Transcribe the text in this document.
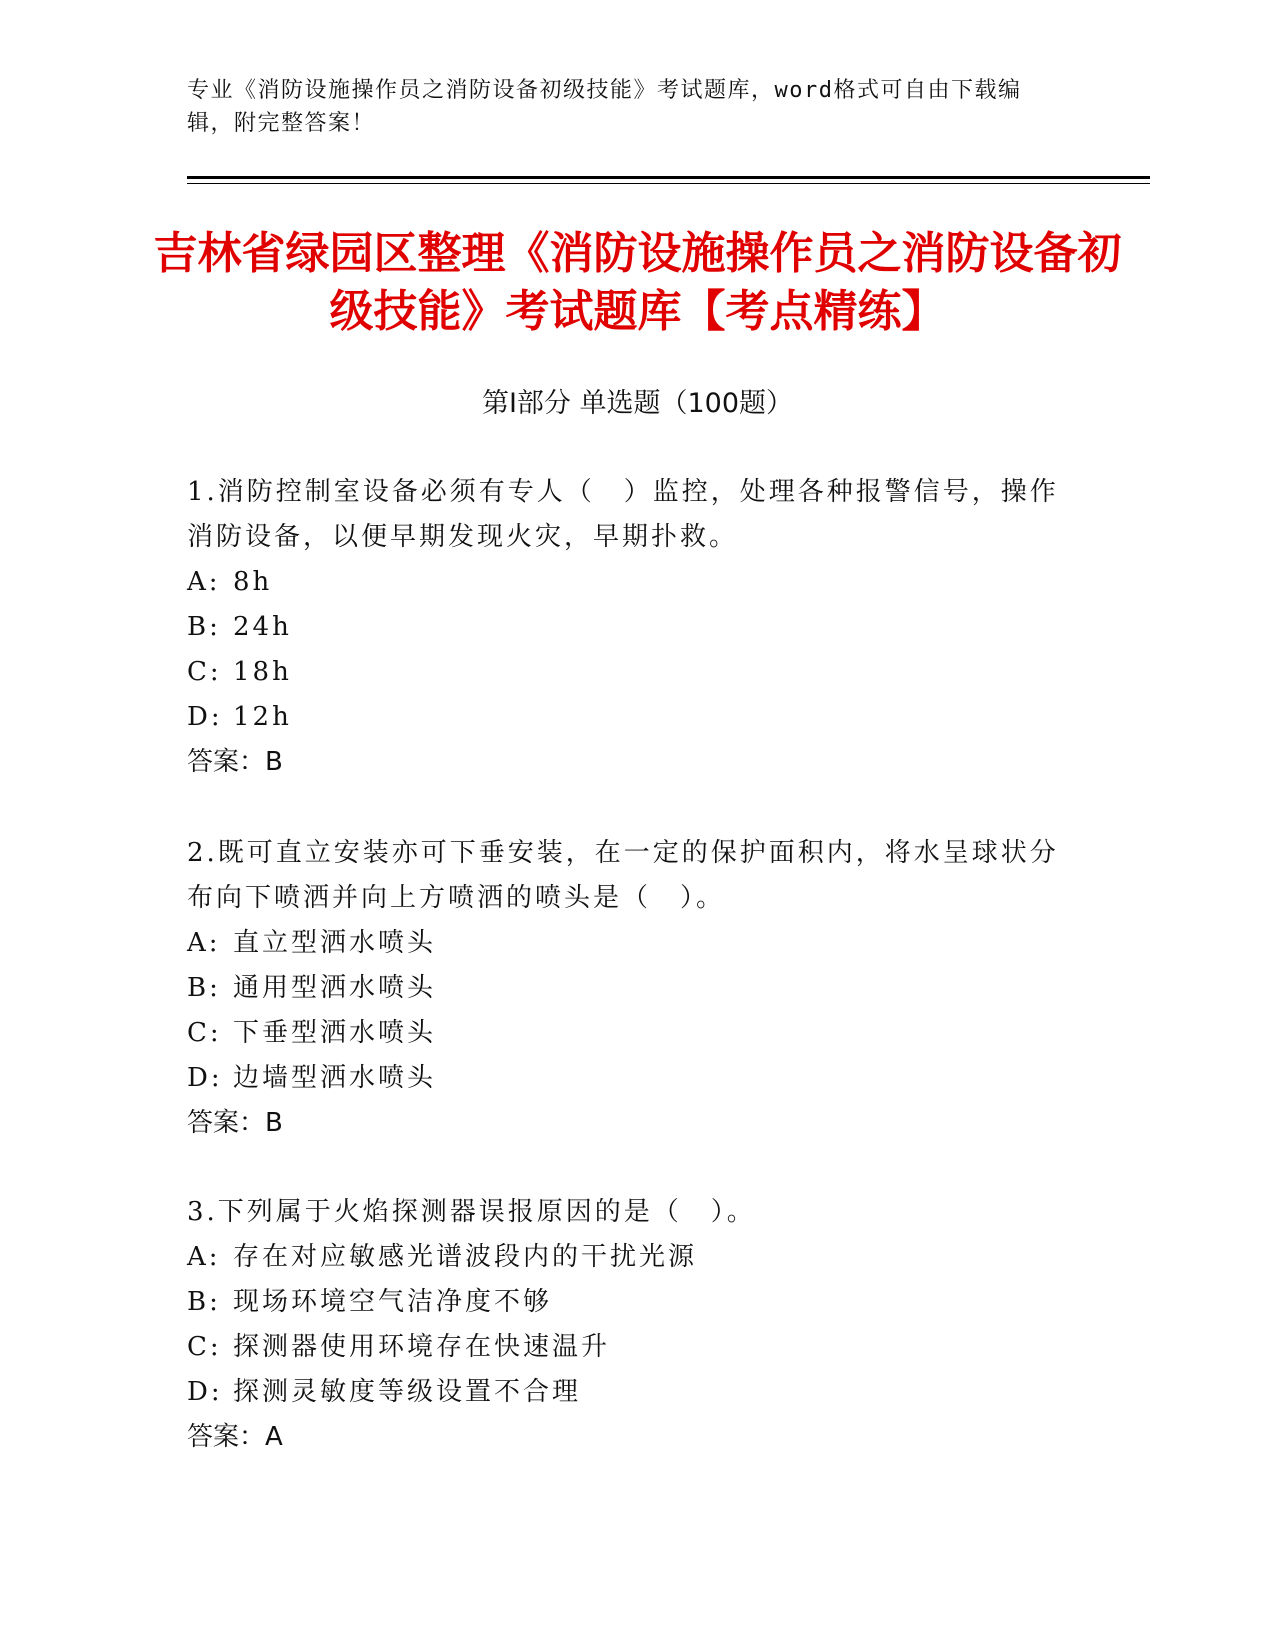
专业《消防设施操作员之消防设备初级技能》考试题库，word格式可自由下载编辑，附完整答案！
吉林省绿园区整理《消防设施操作员之消防设备初级技能》考试题库【考点精练】
第Ⅰ部分 单选题（100题）

1.消防控制室设备必须有专人（　）监控，处理各种报警信号，操作消防设备，以便早期发现火灾，早期扑救。

A: 8h

B: 24h

C: 18h

D: 12h

答案：B

2.既可直立安装亦可下垂安装，在一定的保护面积内，将水呈球状分布向下喷洒并向上方喷洒的喷头是（　）。

A: 直立型洒水喷头

B: 通用型洒水喷头

C: 下垂型洒水喷头

D: 边墙型洒水喷头

答案：B

3.下列属于火焰探测器误报原因的是（　）。

A: 存在对应敏感光谱波段内的干扰光源

B: 现场环境空气洁净度不够

C: 探测器使用环境存在快速温升

D: 探测灵敏度等级设置不合理

答案：A
